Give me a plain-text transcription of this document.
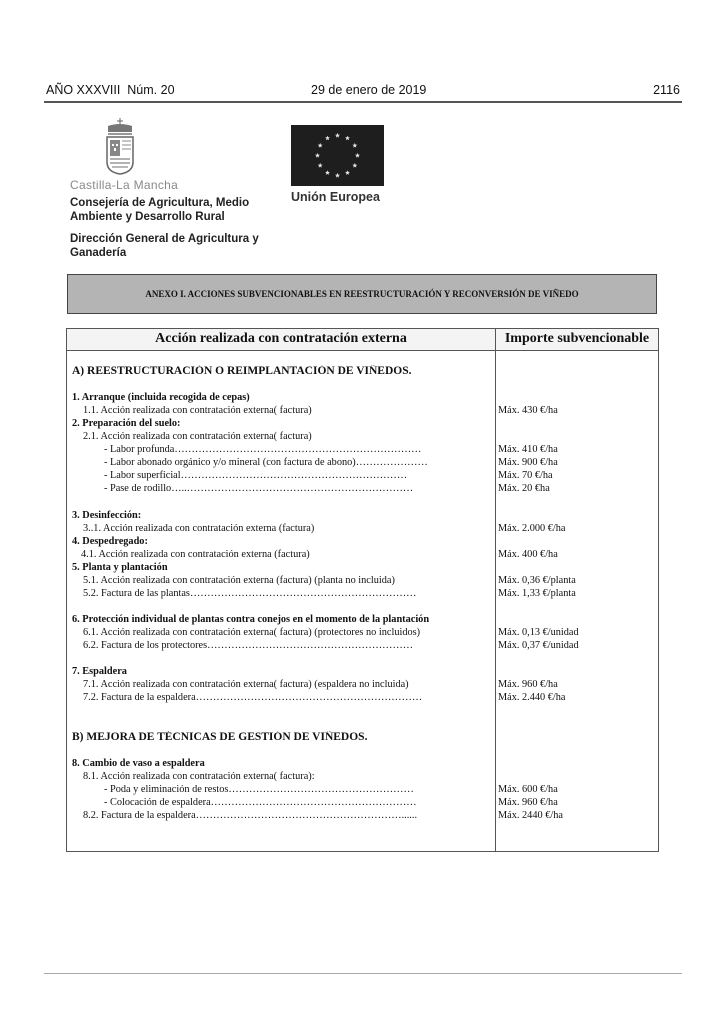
AÑO XXXVIII  Núm. 20	29 de enero de 2019	2116
Castilla-La Mancha
Consejería de Agricultura, Medio Ambiente y Desarrollo Rural
Dirección General de Agricultura y Ganadería
Unión Europea
ANEXO I. ACCIONES SUBVENCIONABLES EN REESTRUCTURACIÓN Y RECONVERSIÓN DE VIÑEDO
Acción realizada con contratación externa	Importe subvencionable
A) REESTRUCTURACIÓN O REIMPLANTACIÓN DE VIÑEDOS.
1. Arranque (incluida recogida de cepas)
1.1. Acción realizada con contratación externa( factura)	Máx. 430 €/ha
2. Preparación del suelo:
2.1. Acción realizada con contratación externa( factura)
- Labor profunda………………………………………………………………	Máx. 410 €/ha
- Labor abonado orgánico y/o mineral (con factura de abono)…………………	Máx. 900 €/ha
- Labor superficial…………………………………………………………	Máx. 70 €/ha
- Pase de rodillo…..…………………………………………………………	Máx. 20 €ha
3. Desinfección:
3..1. Acción realizada con contratación externa (factura)	Máx. 2.000 €/ha
4. Despedregado:
4.1. Acción realizada con contratación externa (factura)	Máx. 400 €/ha
5. Planta y plantación
5.1. Acción realizada con contratación externa (factura) (planta no incluida)	Máx. 0,36 €/planta
5.2. Factura de las plantas…………………………………………………………	Máx. 1,33 €/planta
6. Protección individual de plantas contra conejos en el momento de la plantación
6.1. Acción realizada con contratación externa( factura) (protectores no incluidos)	Máx. 0,13 €/unidad
6.2. Factura de los protectores……………………………………………………	Máx. 0,37 €/unidad
7. Espaldera
7.1. Acción realizada con contratación externa( factura) (espaldera no incluida)	Máx. 960 €/ha
7.2. Factura de la espaldera…………………………………………………………	Máx. 2.440 €/ha
B) MEJORA DE TÉCNICAS DE GESTIÓN DE VIÑEDOS.
8. Cambio de vaso a espaldera
8.1. Acción realizada con contratación externa( factura):
- Poda y eliminación de restos………………………………………………	Máx. 600 €/ha
- Colocación de espaldera……………………………………………………	Máx. 960 €/ha
8.2. Factura de la espaldera……………………………………………………......	Máx. 2440 €/ha
